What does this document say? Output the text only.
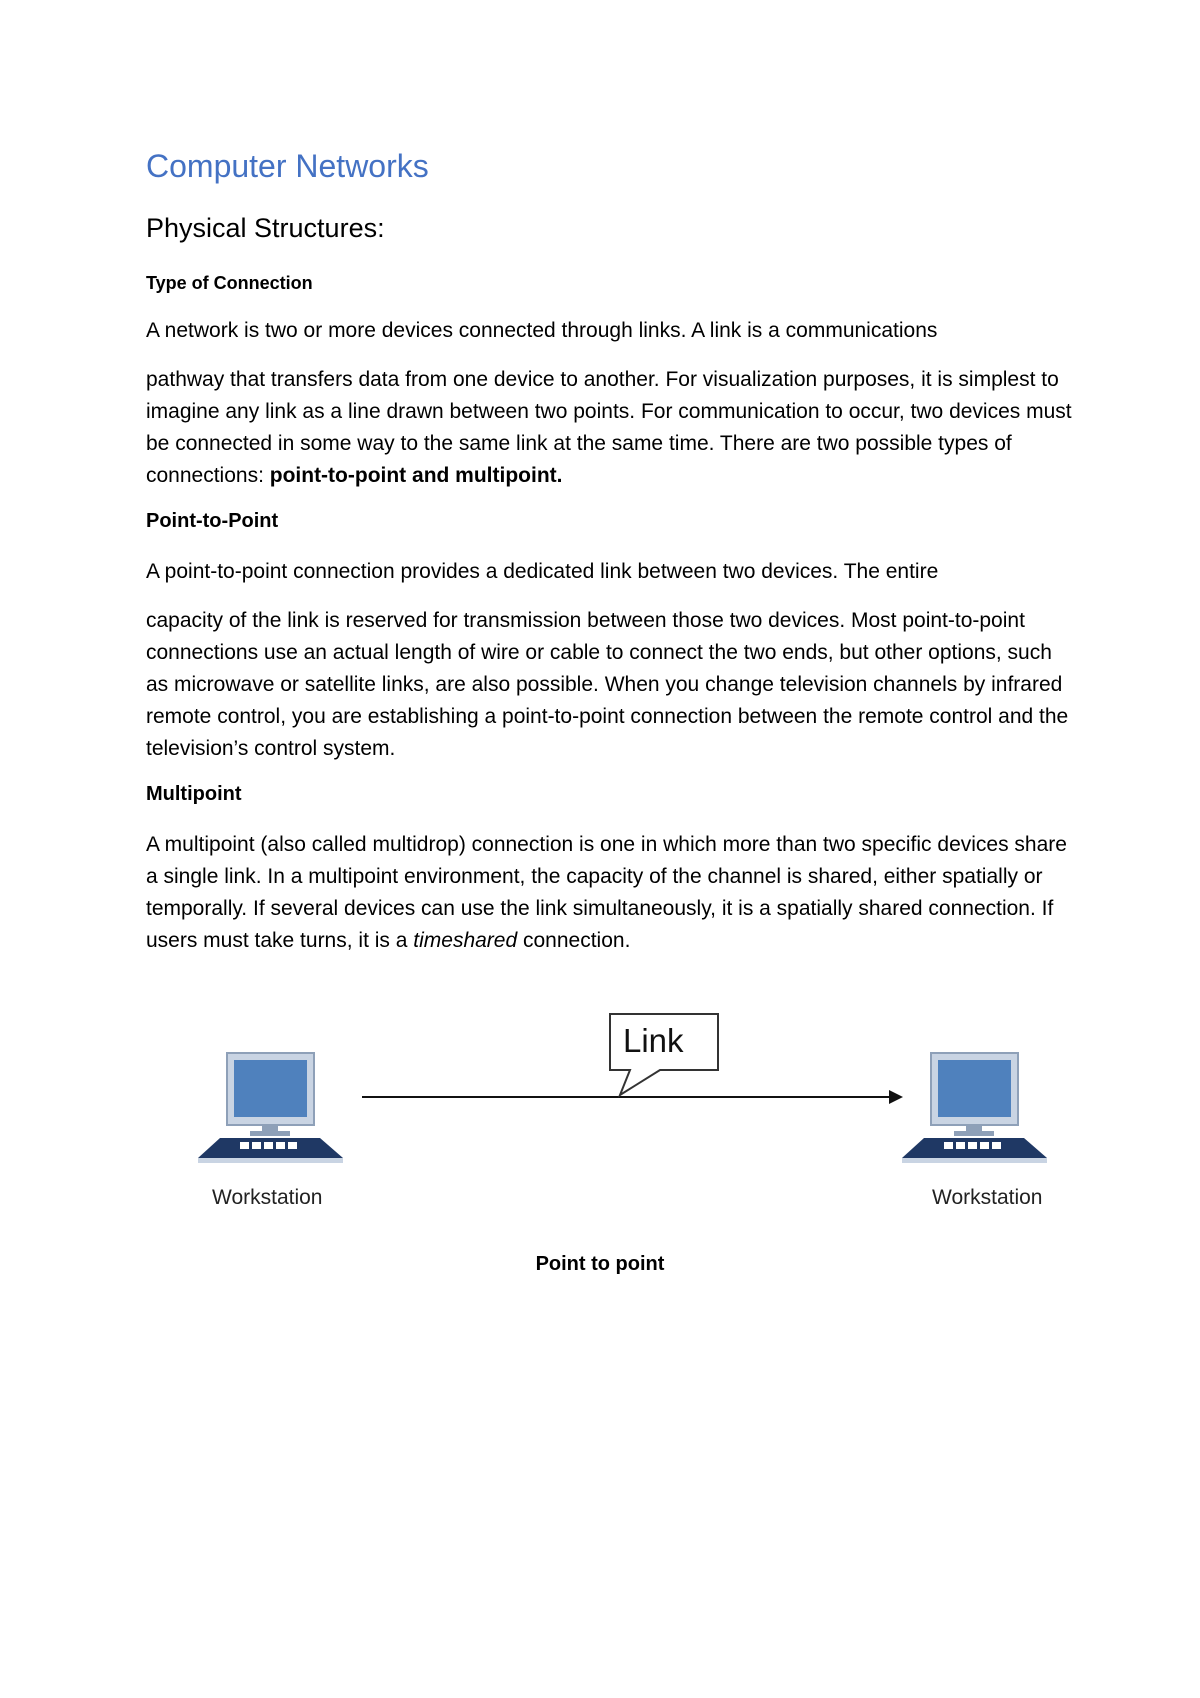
Computer Networks
Physical Structures:
Type of Connection
A network is two or more devices connected through links. A link is a communications
pathway that transfers data from one device to another. For visualization purposes, it is simplest to imagine any link as a line drawn between two points. For communication to occur, two devices must be connected in some way to the same link at the same time. There are two possible types of connections: point-to-point and multipoint.
Point-to-Point
A point-to-point connection provides a dedicated link between two devices. The entire
capacity of the link is reserved for transmission between those two devices. Most point-to-point connections use an actual length of wire or cable to connect the two ends, but other options, such as microwave or satellite links, are also possible. When you change television channels by infrared remote control, you are establishing a point-to-point connection between the remote control and the television’s control system.
Multipoint
A multipoint (also called multidrop) connection is one in which more than two specific devices share a single link. In a multipoint environment, the capacity of the channel is shared, either spatially or temporally. If several devices can use the link simultaneously, it is a spatially shared connection. If users must take turns, it is a timeshared connection.
Link
Workstation	Workstation
Point to point
